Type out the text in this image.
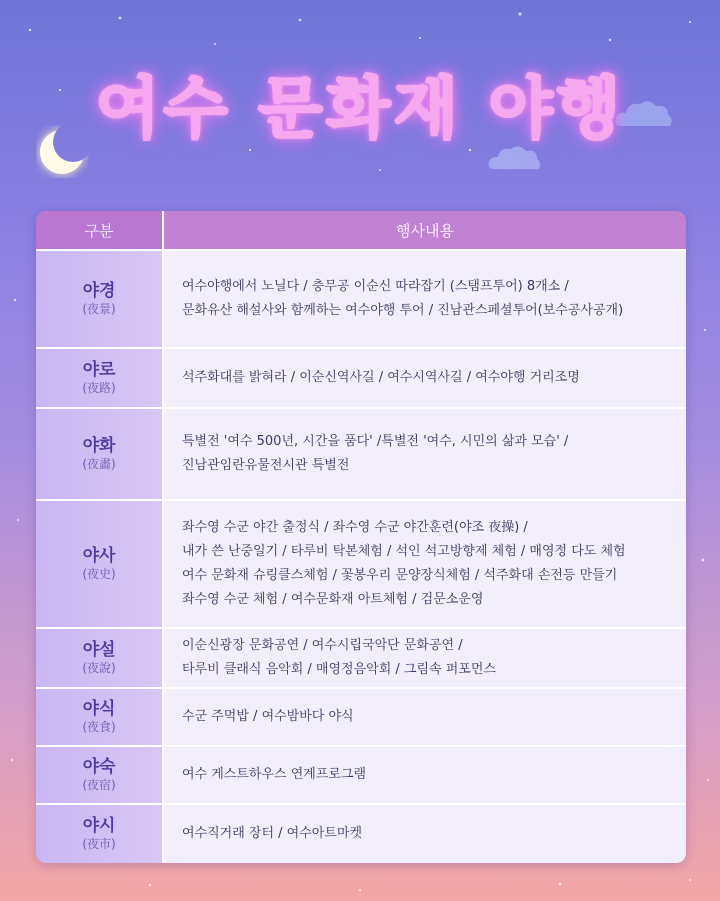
여수 문화재 야행
구분	행사내용

야경
(夜景)	여수야행에서 노닐다 / 충무공 이순신 따라잡기 (스탬프투어) 8개소 /
문화유산 해설사와 함께하는 여수야행 투어 / 진남관스페셜투어(보수공사공개)

야로
(夜路)	석주화대를 밝혀라 / 이순신역사길 / 여수시역사길 / 여수야행 거리조명

야화
(夜畵)	특별전 '여수 500년, 시간을 품다' /특별전 '여수, 시민의 삶과 모습' /
진남관임란유물전시관 특별전

야사
(夜史)	좌수영 수군 야간 출정식 / 좌수영 수군 야간훈련(야조 夜操) /
내가 쓴 난중일기 / 타루비 탁본체험 / 석인 석고방향제 체험 / 매영정 다도 체험
여수 문화재 슈링클스체험 / 꽃봉우리 문양장식체험 / 석주화대 손전등 만들기
좌수영 수군 체험 / 여수문화재 아트체험 / 검문소운영

야설
(夜說)	이순신광장 문화공연 / 여수시립국악단 문화공연 /
타루비 클래식 음악회 / 매영정음악회 / 그림속 퍼포먼스

야식
(夜食)	수군 주먹밥 / 여수밤바다 야식

야숙
(夜宿)	여수 게스트하우스 연계프로그램

야시
(夜市)	여수직거래 장터 / 여수아트마켓
